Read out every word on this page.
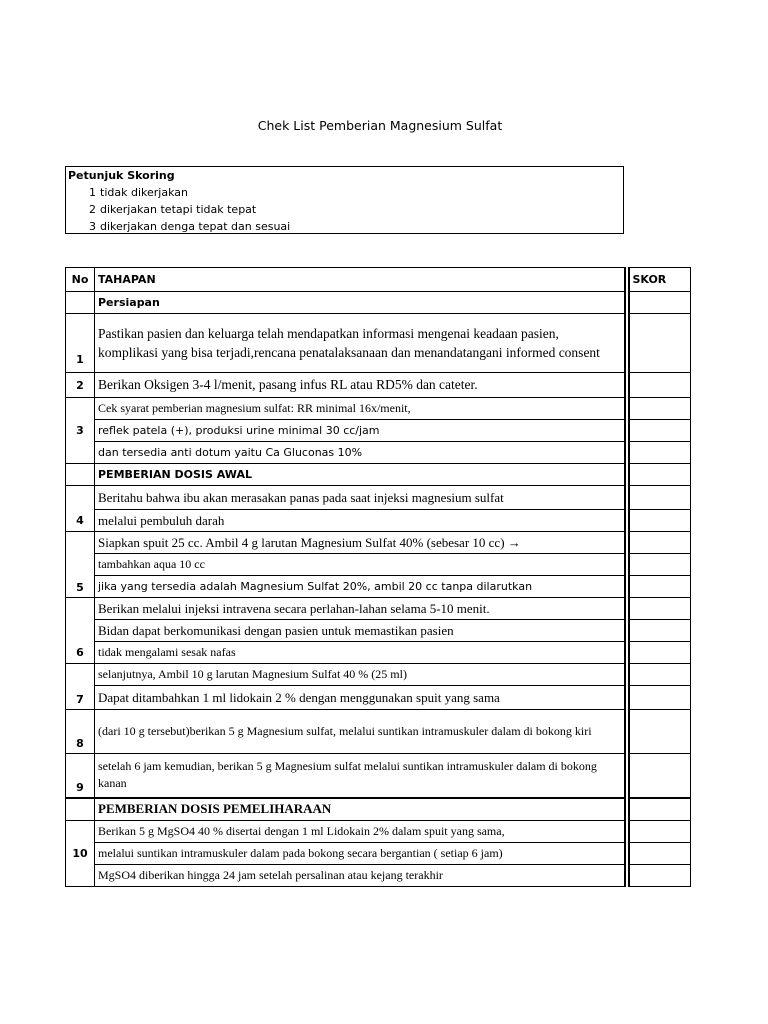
Chek List Pemberian Magnesium Sulfat
Petunjuk Skoring
1 tidak dikerjakan
2 dikerjakan tetapi tidak tepat
3 dikerjakan denga tepat dan sesuai
No	TAHAPAN		SKOR
	Persiapan		
1	Pastikan pasien dan keluarga telah mendapatkan informasi mengenai keadaan pasien, komplikasi yang bisa terjadi,rencana penatalaksanaan dan menandatangani informed consent		
2	Berikan Oksigen 3-4 l/menit, pasang infus RL atau RD5% dan cateter.		
3	Cek syarat pemberian magnesium sulfat: RR minimal 16x/menit,		
	reflek patela (+), produksi urine minimal 30 cc/jam		
	dan tersedia anti dotum yaitu Ca Gluconas 10%		
	PEMBERIAN DOSIS AWAL		
4	Beritahu bahwa ibu akan merasakan panas pada saat injeksi magnesium sulfat		
	melalui pembuluh darah		
5	Siapkan spuit 25 cc. Ambil 4 g larutan Magnesium Sulfat 40% (sebesar 10 cc) →		
	tambahkan aqua 10 cc		
	jika yang tersedia adalah Magnesium Sulfat 20%, ambil 20 cc tanpa dilarutkan		
6	Berikan melalui injeksi intravena secara perlahan-lahan selama 5-10 menit.		
	Bidan dapat berkomunikasi dengan pasien untuk memastikan pasien		
	tidak mengalami sesak nafas		
7	selanjutnya, Ambil 10 g larutan Magnesium Sulfat 40 % (25 ml)		
	Dapat ditambahkan 1 ml lidokain 2 % dengan menggunakan spuit yang sama		
8	(dari 10 g tersebut)berikan 5 g Magnesium sulfat, melalui suntikan intramuskuler dalam di bokong kiri		
9	setelah 6 jam kemudian, berikan 5 g Magnesium sulfat melalui suntikan intramuskuler dalam di bokong kanan		
	PEMBERIAN DOSIS PEMELIHARAAN		
10	Berikan 5 g MgSO4 40 % disertai dengan 1 ml Lidokain 2% dalam spuit yang sama,		
	melalui suntikan intramuskuler dalam pada bokong secara bergantian ( setiap 6 jam)		
	MgSO4 diberikan hingga 24 jam setelah persalinan atau kejang terakhir		
